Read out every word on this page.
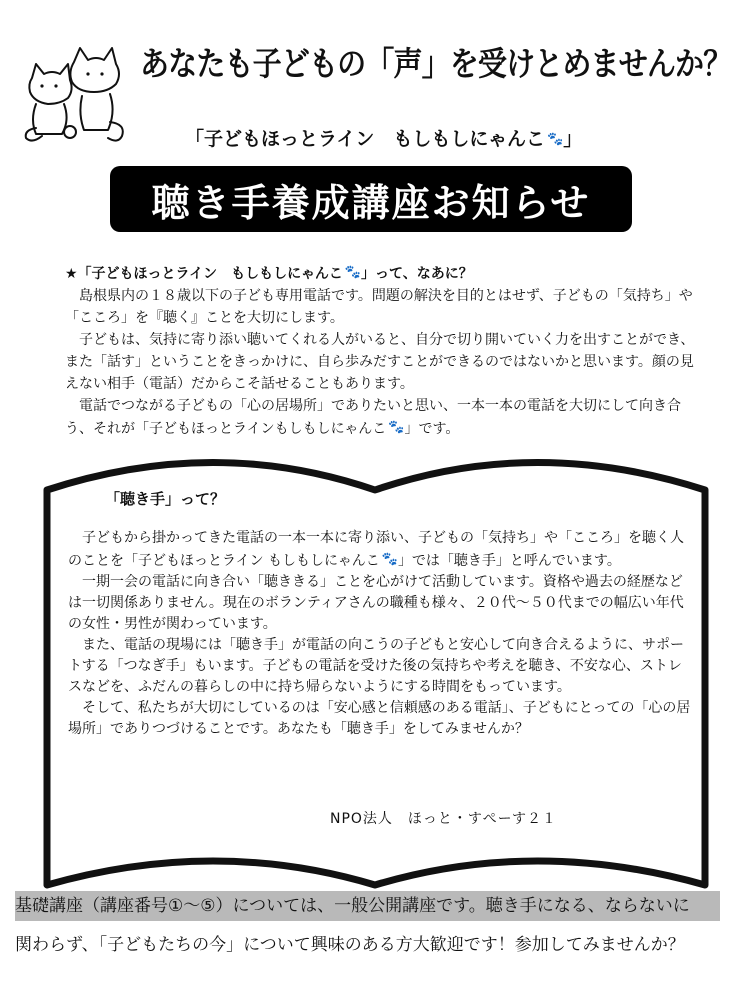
あなたも子どもの「声」を受けとめませんか？
「子どもほっとライン　もしもしにゃんこ 🐾」
聴き手養成講座お知らせ

★「子どもほっとライン　もしもしにゃんこ 🐾」って、なあに？

　島根県内の１８歳以下の子ども専用電話です。問題の解決を目的とはせず、子どもの「気持ち」や「こころ」を『聴く』ことを大切にします。

　子どもは、気持に寄り添い聴いてくれる人がいると、自分で切り開いていく力を出すことができ、また「話す」ということをきっかけに、自ら歩みだすことができるのではないかと思います。顔の見えない相手（電話）だからこそ話せることもあります。

　電話でつながる子どもの「心の居場所」でありたいと思い、一本一本の電話を大切にして向き合う、それが「子どもほっとラインもしもしにゃんこ 🐾」です。

「聴き手」って？

　子どもから掛かってきた電話の一本一本に寄り添い、子どもの「気持ち」や「こころ」を聴く人のことを「子どもほっとライン もしもしにゃんこ 🐾」では「聴き手」と呼んでいます。

　一期一会の電話に向き合い「聴ききる」ことを心がけて活動しています。資格や過去の経歴などは一切関係ありません。現在のボランティアさんの職種も様々、２０代〜５０代までの幅広い年代の女性・男性が関わっています。

　また、電話の現場には「聴き手」が電話の向こうの子どもと安心して向き合えるように、サポートする「つなぎ手」もいます。子どもの電話を受けた後の気持ちや考えを聴き、不安な心、ストレスなどを、ふだんの暮らしの中に持ち帰らないようにする時間をもっています。

　そして、私たちが大切にしているのは「安心感と信頼感のある電話」、子どもにとっての「心の居場所」でありつづけることです。あなたも「聴き手」をしてみませんか？

NPO法人　ほっと・すぺーす２１
基礎講座（講座番号①〜⑤）については、一般公開講座です。聴き手になる、ならないに
関わらず、「子どもたちの今」について興味のある方大歓迎です！参加してみませんか？
